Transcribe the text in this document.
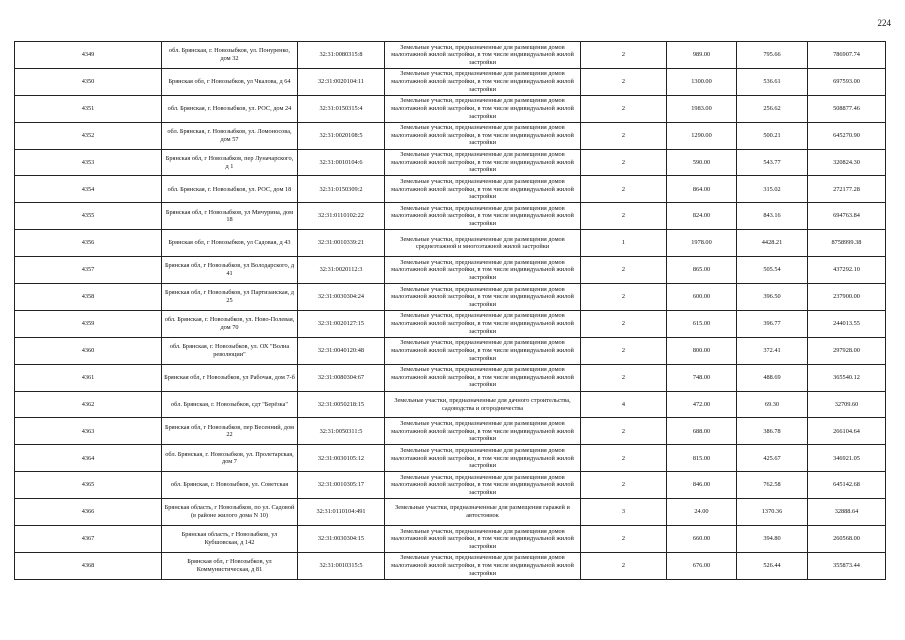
224
4349	обл. Брянская, г. Новозыбков, ул. Понуренко, дом 32	32:31:0080315:8	Земельные участки, предназначенные для размещения домов малоэтажной жилой застройки, в том числе индивидуальной жилой застройки	2	989.00	795.66	786907.74
4350	Брянская обл, г Новозыбков, ул Чкалова, д 64	32:31:0020104:11	Земельные участки, предназначенные для размещения домов малоэтажной жилой застройки, в том числе индивидуальной жилой застройки	2	1300.00	536.61	697593.00
4351	обл. Брянская, г. Новозыбков, ул. РОС, дом 24	32:31:0150315:4	Земельные участки, предназначенные для размещения домов малоэтажной жилой застройки, в том числе индивидуальной жилой застройки	2	1983.00	256.62	508877.46
4352	обл. Брянская, г. Новозыбков, ул. Ломоносова, дом 57	32:31:0020108:5	Земельные участки, предназначенные для размещения домов малоэтажной жилой застройки, в том числе индивидуальной жилой застройки	2	1290.00	500.21	645270.90
4353	Брянская обл, г Новозыбков, пер Луначарского, д 1	32:31:0010104:6	Земельные участки, предназначенные для размещения домов малоэтажной жилой застройки, в том числе индивидуальной жилой застройки	2	590.00	543.77	320824.30
4354	обл. Брянская, г. Новозыбков, ул. РОС, дом 18	32:31:0150309:2	Земельные участки, предназначенные для размещения домов малоэтажной жилой застройки, в том числе индивидуальной жилой застройки	2	864.00	315.02	272177.28
4355	Брянская обл, г Новозыбков, ул Мичурина, дом 18	32:31:0110102:22	Земельные участки, предназначенные для размещения домов малоэтажной жилой застройки, в том числе индивидуальной жилой застройки	2	824.00	843.16	694763.84
4356	Брянская обл, г Новозыбков, ул Садовая, д 43	32:31:0010339:21	Земельные участки, предназначенные для размещения домов среднеэтажной и многоэтажной жилой застройки	1	1978.00	4428.21	8758999.38
4357	Брянская обл, г Новозыбков, ул Володарского, д 41	32:31:0020112:3	Земельные участки, предназначенные для размещения домов малоэтажной жилой застройки, в том числе индивидуальной жилой застройки	2	865.00	505.54	437292.10
4358	Брянская обл, г Новозыбков, ул Партизанская, д 25	32:31:0030304:24	Земельные участки, предназначенные для размещения домов малоэтажной жилой застройки, в том числе индивидуальной жилой застройки	2	600.00	396.50	237900.00
4359	обл. Брянская, г. Новозыбков, ул. Ново-Полевая, дом 70	32:31:0020127:15	Земельные участки, предназначенные для размещения домов малоэтажной жилой застройки, в том числе индивидуальной жилой застройки	2	615.00	396.77	244013.55
4360	обл. Брянская, г. Новозыбков, ул. ОХ "Волна революции"	32:31:0040120:48	Земельные участки, предназначенные для размещения домов малоэтажной жилой застройки, в том числе индивидуальной жилой застройки	2	800.00	372.41	297928.00
4361	Брянская обл, г Новозыбков, ул Рабочая, дом 7-б	32:31:0080304:67	Земельные участки, предназначенные для размещения домов малоэтажной жилой застройки, в том числе индивидуальной жилой застройки	2	748.00	488.69	365540.12
4362	обл. Брянская, г. Новозыбков, сдт "Берёзка"	32:31:0050218:15	Земельные участки, предназначенные для дачного строительства, садоводства и огородничества	4	472.00	69.30	32709.60
4363	Брянская обл, г Новозыбков, пер Весенний, дом 22	32:31:0050311:5	Земельные участки, предназначенные для размещения домов малоэтажной жилой застройки, в том числе индивидуальной жилой застройки	2	688.00	386.78	266104.64
4364	обл. Брянская, г. Новозыбков, ул. Пролетарская, дом 7	32:31:0030105:12	Земельные участки, предназначенные для размещения домов малоэтажной жилой застройки, в том числе индивидуальной жилой застройки	2	815.00	425.67	346921.05
4365	обл. Брянская, г. Новозыбков, ул. Советская	32:31:0010305:17	Земельные участки, предназначенные для размещения домов малоэтажной жилой застройки, в том числе индивидуальной жилой застройки	2	846.00	762.58	645142.68
4366	Брянская область, г Новозыбков, по ул. Садовой (в районе жилого дома N 10)	32:31:0110104:491	Земельные участки, предназначенные для размещения гаражей и автостоянок	3	24.00	1370.36	32888.64
4367	Брянская область, г Новозыбков, ул Кубшовская, д 142	32:31:0030304:15	Земельные участки, предназначенные для размещения домов малоэтажной жилой застройки, в том числе индивидуальной жилой застройки	2	660.00	394.80	260568.00
4368	Брянская обл, г Новозыбков, ул Коммунистическая, д 81	32:31:0010315:5	Земельные участки, предназначенные для размещения домов малоэтажной жилой застройки, в том числе индивидуальной жилой застройки	2	676.00	526.44	355873.44
